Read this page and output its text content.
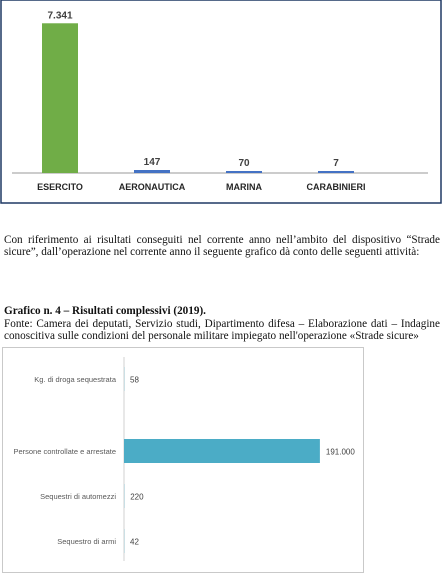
7.341
147	70	7
ESERCITO	AERONAUTICA	MARINA	CARABINIERI

Con riferimento ai risultati conseguiti nel corrente anno nell’ambito del dispositivo “Strade sicure”, dall’operazione nel corrente anno il seguente grafico dà conto delle seguenti attività:

Grafico n. 4 – Risultati complessivi (2019).

Fonte: Camera dei deputati, Servizio studi, Dipartimento difesa – Elaborazione dati – Indagine conoscitiva sulle condizioni del personale militare impiegato nell'operazione «Strade sicure»

58
191.000
220
42
Kg. di droga sequestrata
Persone controllate e arrestate
Sequestri di automezzi
Sequestro di armi
